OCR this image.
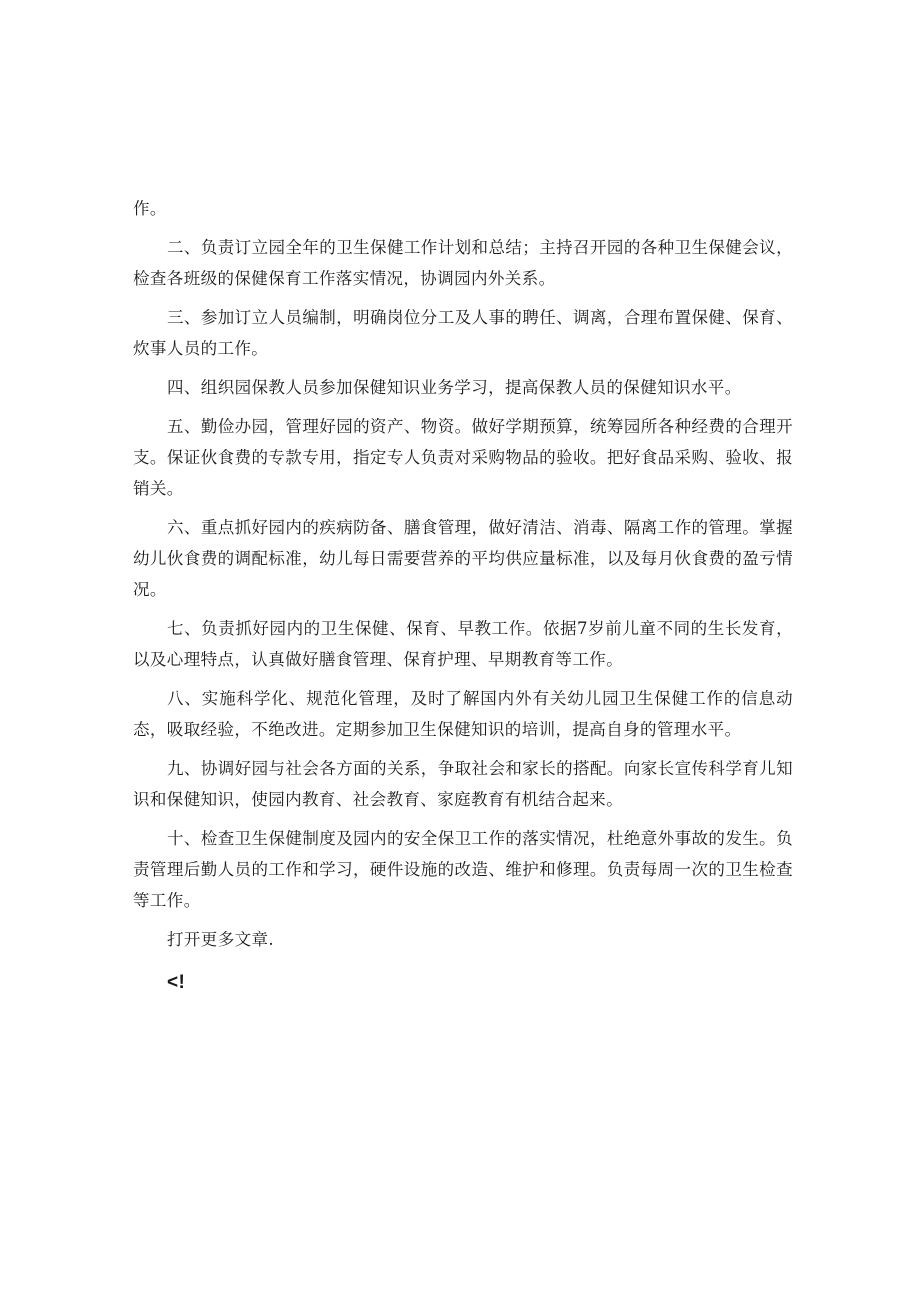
作。

二、负责订立园全年的卫生保健工作计划和总结；主持召开园的各种卫生保健会议，检查各班级的保健保育工作落实情况，协调园内外关系。

三、参加订立人员编制，明确岗位分工及人事的聘任、调离，合理布置保健、保育、炊事人员的工作。

四、组织园保教人员参加保健知识业务学习，提高保教人员的保健知识水平。

五、勤俭办园，管理好园的资产、物资。做好学期预算，统筹园所各种经费的合理开支。保证伙食费的专款专用，指定专人负责对采购物品的验收。把好食品采购、验收、报销关。

六、重点抓好园内的疾病防备、膳食管理，做好清洁、消毒、隔离工作的管理。掌握幼儿伙食费的调配标准，幼儿每日需要营养的平均供应量标准，以及每月伙食费的盈亏情况。

七、负责抓好园内的卫生保健、保育、早教工作。依据7岁前儿童不同的生长发育，以及心理特点，认真做好膳食管理、保育护理、早期教育等工作。

八、实施科学化、规范化管理，及时了解国内外有关幼儿园卫生保健工作的信息动态，吸取经验，不绝改进。定期参加卫生保健知识的培训，提高自身的管理水平。

九、协调好园与社会各方面的关系，争取社会和家长的搭配。向家长宣传科学育儿知识和保健知识，使园内教育、社会教育、家庭教育有机结合起来。

十、检查卫生保健制度及园内的安全保卫工作的落实情况，杜绝意外事故的发生。负责管理后勤人员的工作和学习，硬件设施的改造、维护和修理。负责每周一次的卫生检查等工作。

打开更多文章.

<!
